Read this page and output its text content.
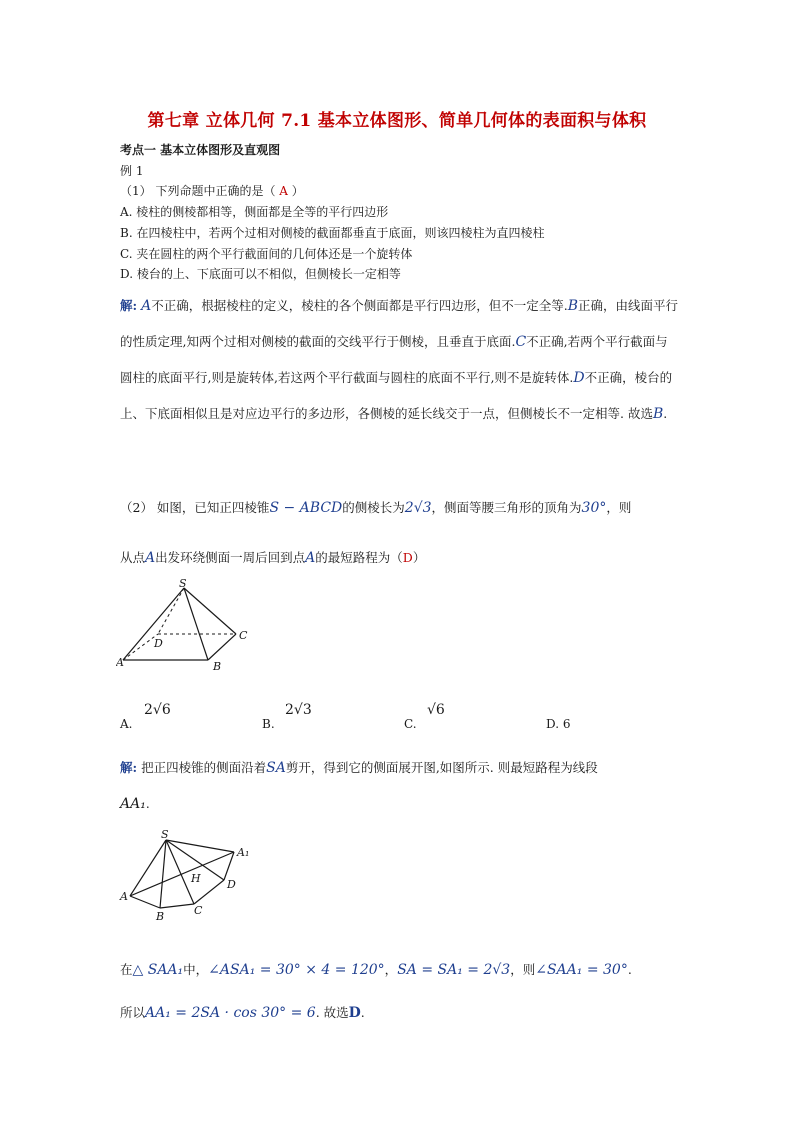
第七章 立体几何 7.1 基本立体图形、简单几何体的表面积与体积
考点一 基本立体图形及直观图
例 1
（1） 下列命题中正确的是（ A ）
A. 棱柱的侧棱都相等，侧面都是全等的平行四边形
B. 在四棱柱中，若两个过相对侧棱的截面都垂直于底面，则该四棱柱为直四棱柱
C. 夹在圆柱的两个平行截面间的几何体还是一个旋转体
D. 棱台的上、下底面可以不相似，但侧棱长一定相等
解: A不正确，根据棱柱的定义，棱柱的各个侧面都是平行四边形，但不一定全等.B正确，由线面平行的性质定理,知两个过相对侧棱的截面的交线平行于侧棱，且垂直于底面.C不正确,若两个平行截面与圆柱的底面平行,则是旋转体,若这两个平行截面与圆柱的底面不平行,则不是旋转体.D不正确，棱台的上、下底面相似且是对应边平行的多边形，各侧棱的延长线交于一点，但侧棱长不一定相等. 故选B.
（2） 如图，已知正四棱锥S − ABCD的侧棱长为2√3，侧面等腰三角形的顶角为30°，则
从点A出发环绕侧面一周后回到点A的最短路程为（D）
S
A	B
C
D
2√6
A.
2√3
B.
√6
C.	D. 6
解: 把正四棱锥的侧面沿着SA剪开，得到它的侧面展开图,如图所示. 则最短路程为线段
AA₁.
S
A
B	C
D
H
A₁
在△ SAA₁中，∠ASA₁ = 30° × 4 = 120°，SA = SA₁ = 2√3，则∠SAA₁ = 30°.
所以AA₁ = 2SA · cos 30° = 6. 故选D.
